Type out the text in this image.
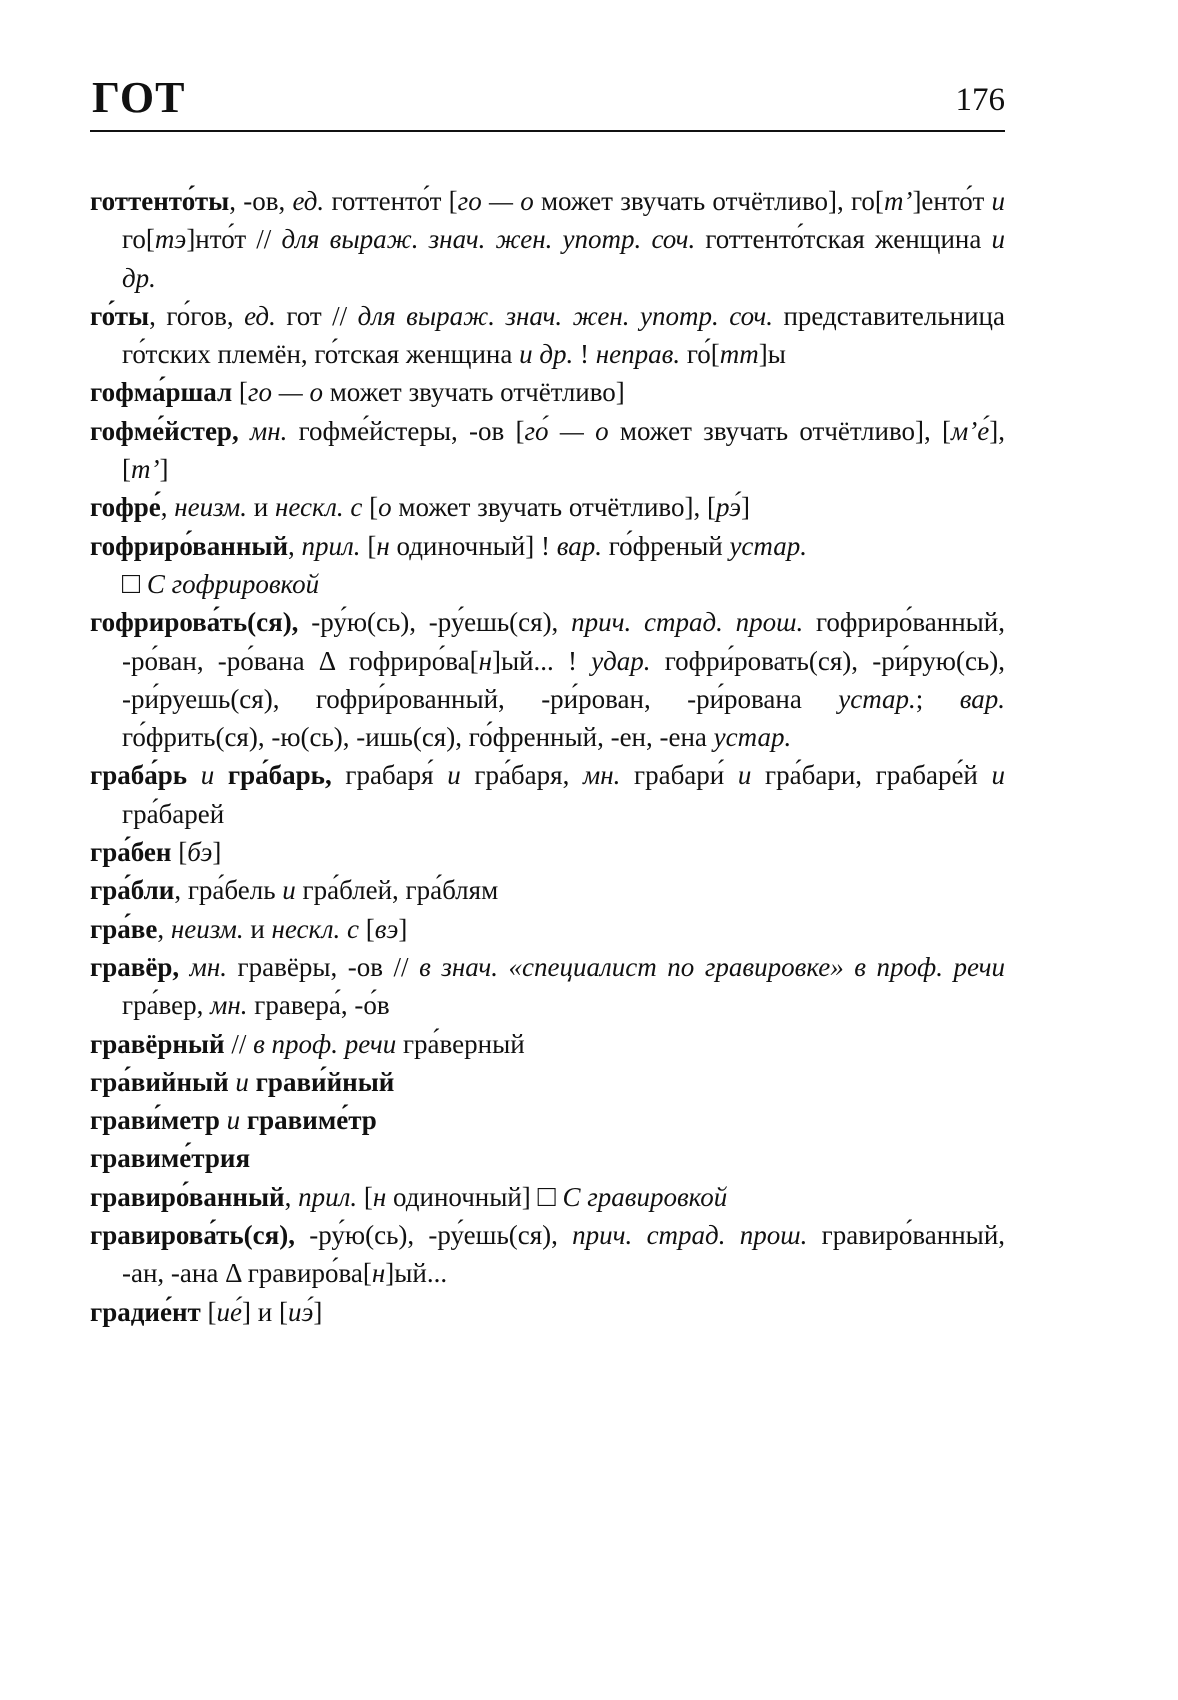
ГОТ	176

готтенто́ты, -ов, ед. готтенто́т [го — о может звучать отчётливо], го[т’]енто́т и го[тэ]нто́т // для выраж. знач. жен. употр. соч. готтенто́тская женщина и др.

го́ты, го́гов, ед. гот // для выраж. знач. жен. употр. соч. представительница го́тских племён, го́тская женщина и др. ! неправ. го́[тт]ы

гофма́ршал [го — о может звучать отчётливо]

гофме́йстер, мн. гофме́йстеры, -ов [го́ — о может звучать отчётливо], [м’е́], [т’]

гофре́, неизм. и нескл. с [о может звучать отчётливо], [рэ́]

гофриро́ванный, прил. [н одиночный] ! вар. го́френый устар.
□ С гофрировкой

гофрирова́ть(ся), -ру́ю(сь), -ру́ешь(ся), прич. страд. прош. гофриро́ванный, -ро́ван, -ро́вана Δ гофриро́ва[н]ый... ! удар. гофри́ровать(ся), -ри́рую(сь), -ри́руешь(ся), гофри́рованный, -ри́рован, -ри́рована устар.; вар. го́фрить(ся), -ю(сь), -ишь(ся), го́френный, -ен, -ена устар.

граба́рь и гра́барь, грабаря́ и гра́баря, мн. грабари́ и гра́бари, грабаре́й и гра́барей

гра́бен [бэ]

гра́бли, гра́бель и гра́блей, гра́блям

гра́ве, неизм. и нескл. с [вэ]

гравёр, мн. гравёры, -ов // в знач. «специалист по гравировке» в проф. речи гра́вер, мн. гравера́, -о́в

гравёрный // в проф. речи гра́верный

гра́вийный и грави́йный

грави́метр и гравиме́тр

гравиме́трия

гравиро́ванный, прил. [н одиночный] □ С гравировкой

гравирова́ть(ся), -ру́ю(сь), -ру́ешь(ся), прич. страд. прош. гравиро́ванный, -ан, -ана Δ гравиро́ва[н]ый...

градие́нт [ие́] и [иэ́]
